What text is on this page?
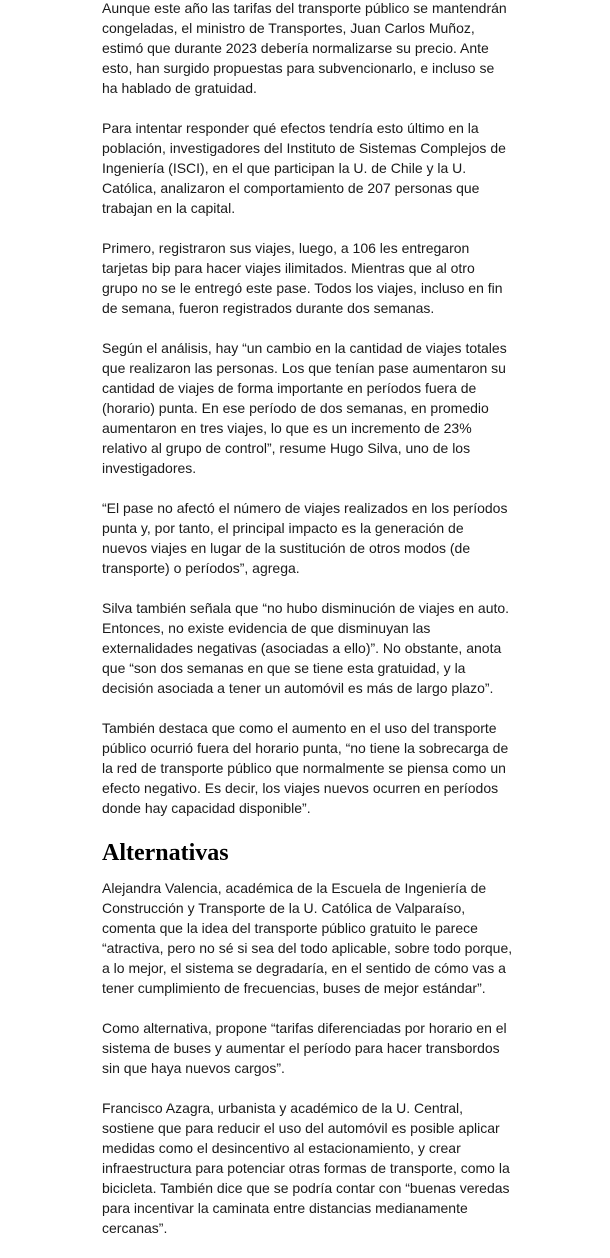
Aunque este año las tarifas del transporte público se mantendrán
congeladas, el ministro de Transportes, Juan Carlos Muñoz,
estimó que durante 2023 debería normalizarse su precio. Ante
esto, han surgido propuestas para subvencionarlo, e incluso se
ha hablado de gratuidad.

Para intentar responder qué efectos tendría esto último en la
población, investigadores del Instituto de Sistemas Complejos de
Ingeniería (ISCI), en el que participan la U. de Chile y la U.
Católica, analizaron el comportamiento de 207 personas que
trabajan en la capital.

Primero, registraron sus viajes, luego, a 106 les entregaron
tarjetas bip para hacer viajes ilimitados. Mientras que al otro
grupo no se le entregó este pase. Todos los viajes, incluso en fin
de semana, fueron registrados durante dos semanas.

Según el análisis, hay “un cambio en la cantidad de viajes totales
que realizaron las personas. Los que tenían pase aumentaron su
cantidad de viajes de forma importante en períodos fuera de
(horario) punta. En ese período de dos semanas, en promedio
aumentaron en tres viajes, lo que es un incremento de 23%
relativo al grupo de control”, resume Hugo Silva, uno de los
investigadores.

“El pase no afectó el número de viajes realizados en los períodos
punta y, por tanto, el principal impacto es la generación de
nuevos viajes en lugar de la sustitución de otros modos (de
transporte) o períodos”, agrega.

Silva también señala que “no hubo disminución de viajes en auto.
Entonces, no existe evidencia de que disminuyan las
externalidades negativas (asociadas a ello)”. No obstante, anota
que “son dos semanas en que se tiene esta gratuidad, y la
decisión asociada a tener un automóvil es más de largo plazo”.

También destaca que como el aumento en el uso del transporte
público ocurrió fuera del horario punta, “no tiene la sobrecarga de
la red de transporte público que normalmente se piensa como un
efecto negativo. Es decir, los viajes nuevos ocurren en períodos
donde hay capacidad disponible”.

Alternativas

Alejandra Valencia, académica de la Escuela de Ingeniería de
Construcción y Transporte de la U. Católica de Valparaíso,
comenta que la idea del transporte público gratuito le parece
“atractiva, pero no sé si sea del todo aplicable, sobre todo porque,
a lo mejor, el sistema se degradaría, en el sentido de cómo vas a
tener cumplimiento de frecuencias, buses de mejor estándar”.

Como alternativa, propone “tarifas diferenciadas por horario en el
sistema de buses y aumentar el período para hacer transbordos
sin que haya nuevos cargos”.

Francisco Azagra, urbanista y académico de la U. Central,
sostiene que para reducir el uso del automóvil es posible aplicar
medidas como el desincentivo al estacionamiento, y crear
infraestructura para potenciar otras formas de transporte, como la
bicicleta. También dice que se podría contar con “buenas veredas
para incentivar la caminata entre distancias medianamente
cercanas”.
